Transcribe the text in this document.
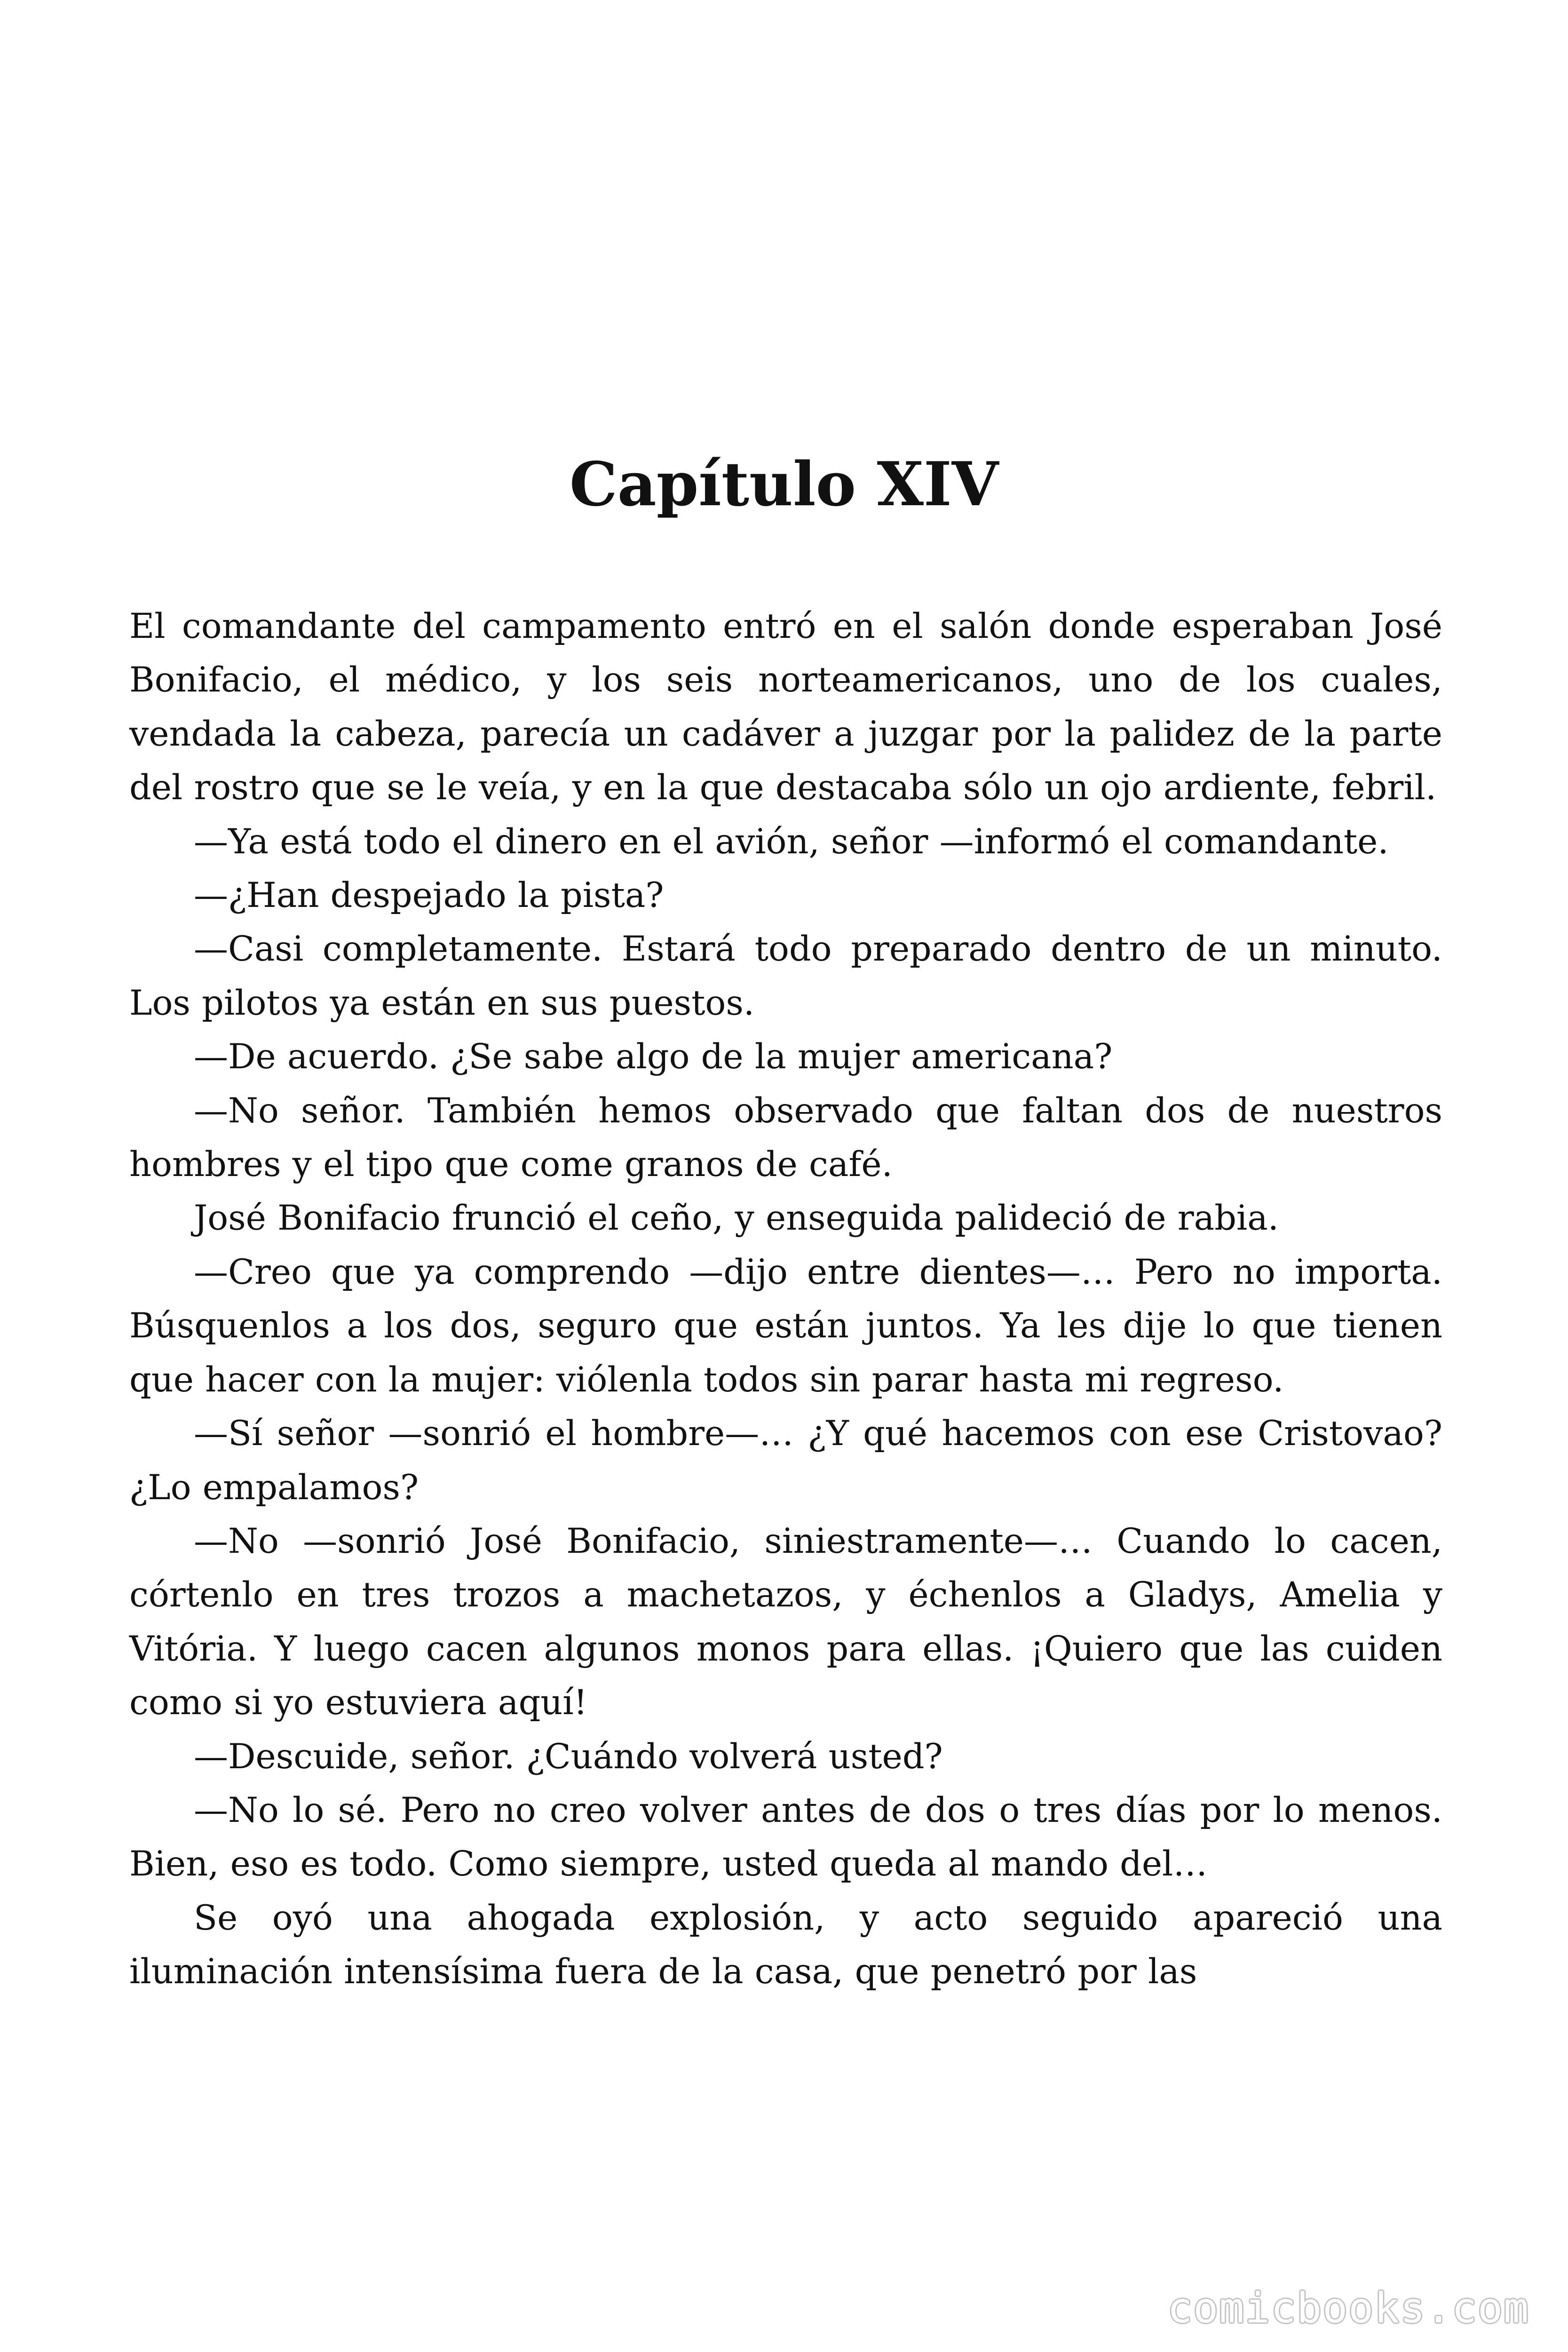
Capítulo XIV

El comandante del campamento entró en el salón donde esperaban José Bonifacio, el médico, y los seis norteamericanos, uno de los cuales, vendada la cabeza, parecía un cadáver a juzgar por la palidez de la parte del rostro que se le veía, y en la que destacaba sólo un ojo ardiente, febril.

—Ya está todo el dinero en el avión, señor —informó el comandante.

—¿Han despejado la pista?

—Casi completamente. Estará todo preparado dentro de un minuto. Los pilotos ya están en sus puestos.

—De acuerdo. ¿Se sabe algo de la mujer americana?

—No señor. También hemos observado que faltan dos de nuestros hombres y el tipo que come granos de café.

José Bonifacio frunció el ceño, y enseguida palideció de rabia.

—Creo que ya comprendo —dijo entre dientes—… Pero no importa. Búsquenlos a los dos, seguro que están juntos. Ya les dije lo que tienen que hacer con la mujer: viólenla todos sin parar hasta mi regreso.

—Sí señor —sonrió el hombre—… ¿Y qué hacemos con ese Cristovao? ¿Lo empalamos?

—No —sonrió José Bonifacio, siniestramente—… Cuando lo cacen, córtenlo en tres trozos a machetazos, y échenlos a Gladys, Amelia y Vitória. Y luego cacen algunos monos para ellas. ¡Quiero que las cuiden como si yo estuviera aquí!

—Descuide, señor. ¿Cuándo volverá usted?

—No lo sé. Pero no creo volver antes de dos o tres días por lo menos. Bien, eso es todo. Como siempre, usted queda al mando del…

Se oyó una ahogada explosión, y acto seguido apareció una iluminación intensísima fuera de la casa, que penetró por las

comicbooks.com
